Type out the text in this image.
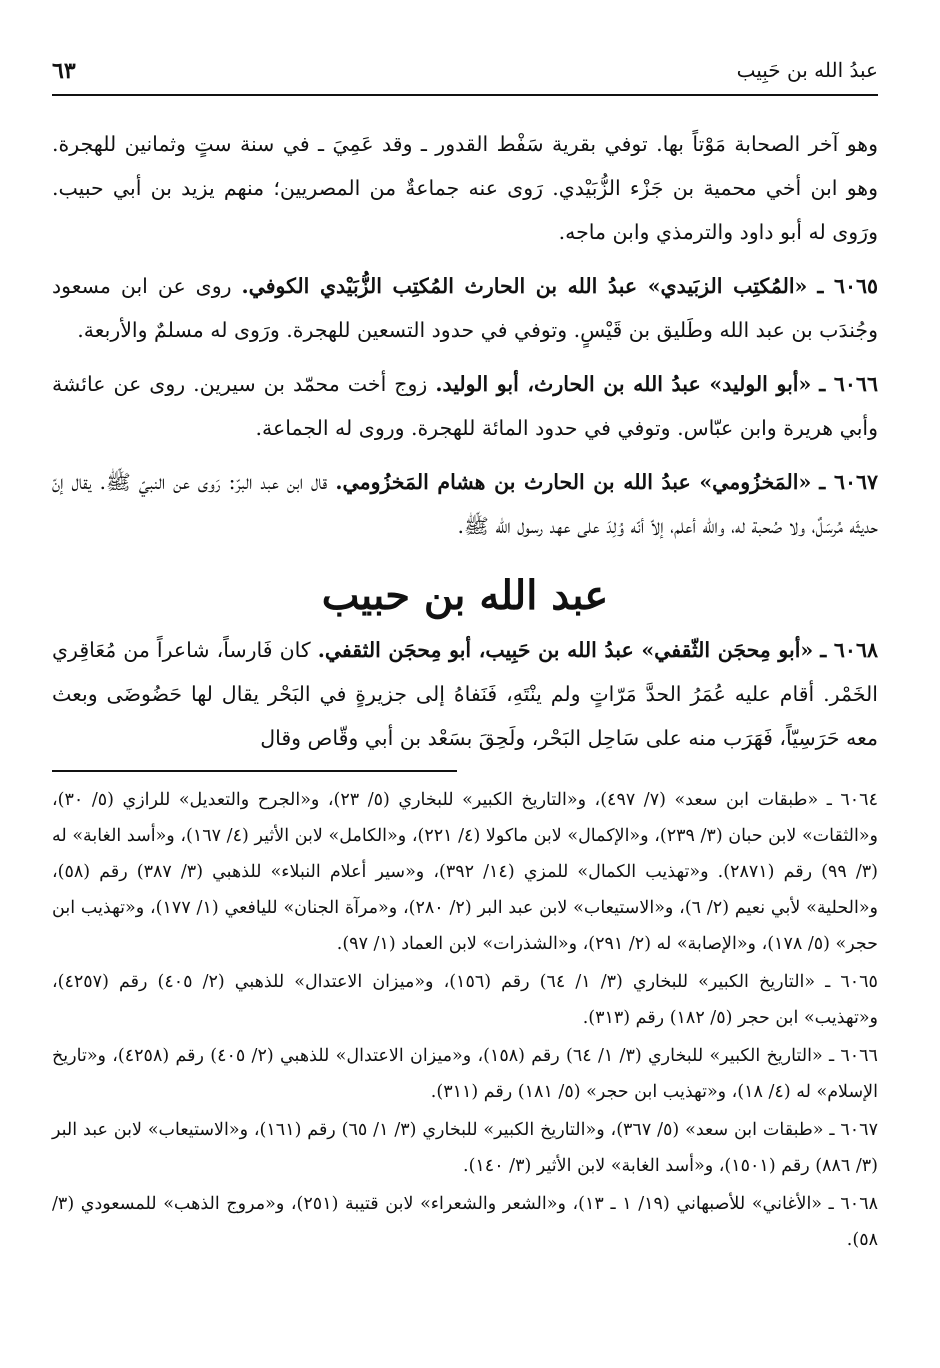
عبدُ الله بن حَبِيب
٦٣

وهو آخر الصحابة مَوْتاً بها. توفي بقرية سَفْط القدور ـ وقد عَمِيَ ـ في سنة ستٍ وثمانين للهجرة. وهو ابن أخي محمية بن جَزْء الزُّبَيْدي. رَوى عنه جماعةٌ من المصريين؛ منهم يزيد بن أبي حبيب. ورَوى له أبو داود والترمذي وابن ماجه.

٦٠٦٥ ـ «المُكتِب الزبَيدي» عبدُ الله بن الحارث المُكتِب الزُّبَيْدي الكوفي. روى عن ابن مسعود وجُندَب بن عبد الله وطَليق بن قَيْسٍ. وتوفي في حدود التسعين للهجرة. ورَوى له مسلمٌ والأربعة.

٦٠٦٦ ـ «أبو الوليد» عبدُ الله بن الحارث، أبو الوليد. زوج أخت محمّد بن سيرين. روى عن عائشة وأبي هريرة وابن عبّاس. وتوفي في حدود المائة للهجرة. وروى له الجماعة.

٦٠٦٧ ـ «المَخزُومي» عبدُ الله بن الحارث بن هشام المَخزُومي. قال ابن عبد البرّ: رَوى عن النبيّ ﷺ. يقال إنّ حديثَه مُرسَلٌ، ولا صُحبة له، والله أعلم، إلاّ أنّه وُلِدَ على عهد رسول الله ﷺ.

عبد الله بن حبيب

٦٠٦٨ ـ «أبو مِحجَن الثّقفي» عبدُ الله بن حَبِيب، أبو مِحجَن الثقفي. كان فَارساً، شاعراً من مُعَاقِري الخَمْر. أقام عليه عُمَرُ الحدَّ مَرّاتٍ ولم ينْتَهِ، فَنَفاهُ إلى جزيرةٍ في البَحْر يقال لها حَضُوضَى وبعث معه حَرَسِيّاً، فَهَرَب منه على سَاحِل البَحْر، ولَحِقَ بسَعْد بن أبي وقّاص وقال

٦٠٦٤ ـ «طبقات ابن سعد» (٧/ ٤٩٧)، و«التاريخ الكبير» للبخاري (٥/ ٢٣)، و«الجرح والتعديل» للرازي (٥/ ٣٠)، و«الثقات» لابن حبان (٣/ ٢٣٩)، و«الإكمال» لابن ماكولا (٤/ ٢٢١)، و«الكامل» لابن الأثير (٤/ ١٦٧)، و«أسد الغابة» له (٣/ ٩٩) رقم (٢٨٧١). و«تهذيب الكمال» للمزي (١٤/ ٣٩٢)، و«سير أعلام النبلاء» للذهبي (٣/ ٣٨٧) رقم (٥٨)، و«الحلية» لأبي نعيم (٢/ ٦)، و«الاستيعاب» لابن عبد البر (٢/ ٢٨٠)، و«مرآة الجنان» لليافعي (١/ ١٧٧)، و«تهذيب ابن حجر» (٥/ ١٧٨)، و«الإصابة» له (٢/ ٢٩١)، و«الشذرات» لابن العماد (١/ ٩٧).

٦٠٦٥ ـ «التاريخ الكبير» للبخاري (٣/ ١/ ٦٤) رقم (١٥٦)، و«ميزان الاعتدال» للذهبي (٢/ ٤٠٥) رقم (٤٢٥٧)، و«تهذيب» ابن حجر (٥/ ١٨٢) رقم (٣١٣).

٦٠٦٦ ـ «التاريخ الكبير» للبخاري (٣/ ١/ ٦٤) رقم (١٥٨)، و«ميزان الاعتدال» للذهبي (٢/ ٤٠٥) رقم (٤٢٥٨)، و«تاريخ الإسلام» له (٤/ ١٨)، و«تهذيب ابن حجر» (٥/ ١٨١) رقم (٣١١).

٦٠٦٧ ـ «طبقات ابن سعد» (٥/ ٣٦٧)، و«التاريخ الكبير» للبخاري (٣/ ١/ ٦٥) رقم (١٦١)، و«الاستيعاب» لابن عبد البر (٣/ ٨٨٦) رقم (١٥٠١)، و«أسد الغابة» لابن الأثير (٣/ ١٤٠).

٦٠٦٨ ـ «الأغاني» للأصبهاني (١٩/ ١ ـ ١٣)، و«الشعر والشعراء» لابن قتيبة (٢٥١)، و«مروج الذهب» للمسعودي (٣/ ٥٨).
